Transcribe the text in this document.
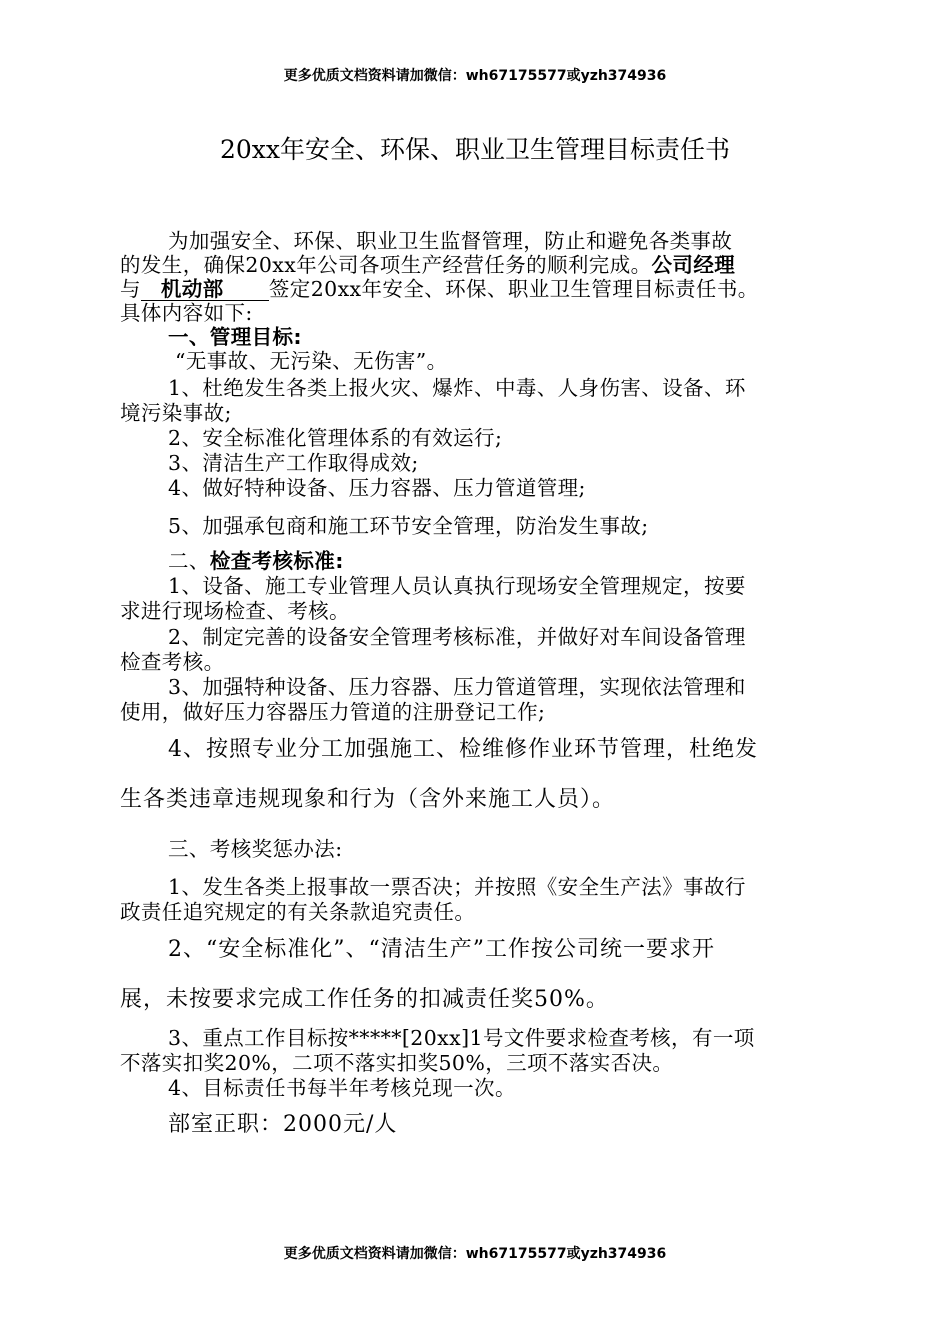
更多优质文档资料请加微信：wh67175577或yzh374936
20xx年安全、环保、职业卫生管理目标责任书
为加强安全、环保、职业卫生监督管理，防止和避免各类事故
的发生，确保20xx年公司各项生产经营任务的顺利完成。公司经理
与 机动部 签定20xx年安全、环保、职业卫生管理目标责任书。
具体内容如下:
一、管理目标:
“无事故、无污染、无伤害”。
1、杜绝发生各类上报火灾、爆炸、中毒、人身伤害、设备、环
境污染事故;
2、安全标准化管理体系的有效运行;
3、清洁生产工作取得成效;
4、做好特种设备、压力容器、压力管道管理;
5、加强承包商和施工环节安全管理，防治发生事故;
二、检查考核标准:
1、设备、施工专业管理人员认真执行现场安全管理规定，按要
求进行现场检查、考核。
2、制定完善的设备安全管理考核标准，并做好对车间设备管理
检查考核。
3、加强特种设备、压力容器、压力管道管理，实现依法管理和
使用，做好压力容器压力管道的注册登记工作;
4、按照专业分工加强施工、检维修作业环节管理，杜绝发
生各类违章违规现象和行为（含外来施工人员）。
三、考核奖惩办法:
1、发生各类上报事故一票否决；并按照《安全生产法》事故行
政责任追究规定的有关条款追究责任。
2、“安全标准化”、“清洁生产”工作按公司统一要求开
展，未按要求完成工作任务的扣减责任奖50%。
3、重点工作目标按*****[20xx]1号文件要求检查考核，有一项
不落实扣奖20%，二项不落实扣奖50%，三项不落实否决。
4、目标责任书每半年考核兑现一次。
部室正职：2000元/人
更多优质文档资料请加微信：wh67175577或yzh374936
